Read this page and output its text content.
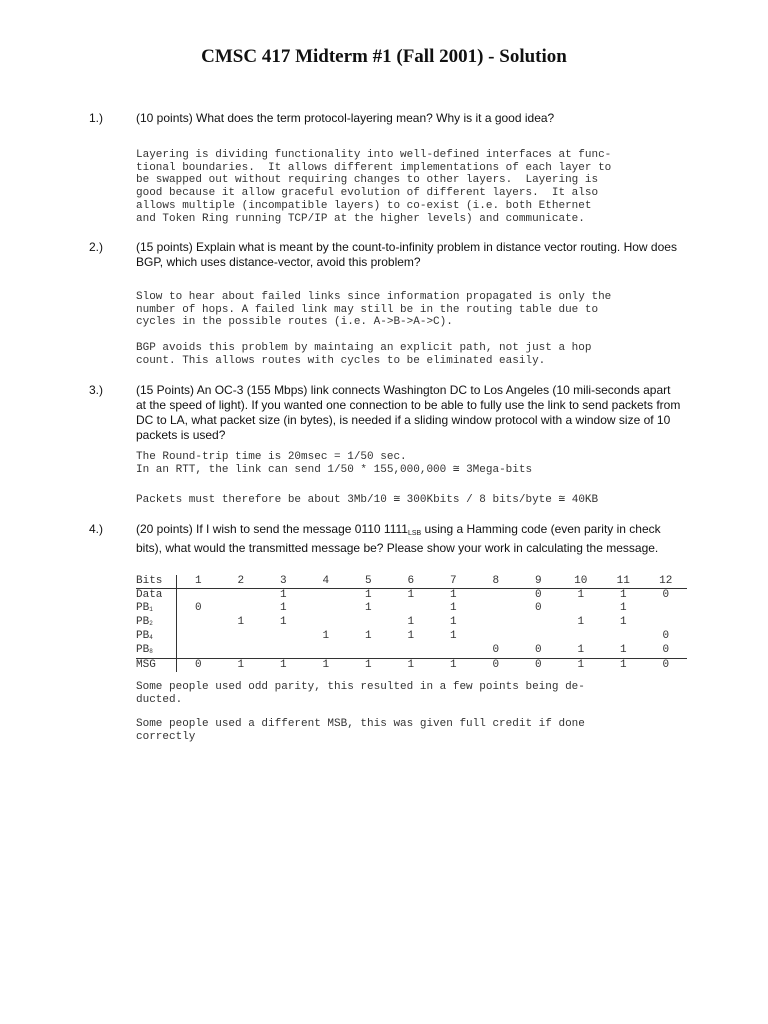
CMSC 417 Midterm #1 (Fall 2001) - Solution
1.)	(10 points) What does the term protocol-layering mean? Why is it a good idea?
Layering is dividing functionality into well-defined interfaces at func-
tional boundaries.  It allows different implementations of each layer to
be swapped out without requiring changes to other layers.  Layering is
good because it allow graceful evolution of different layers.  It also
allows multiple (incompatible layers) to co-exist (i.e. both Ethernet
and Token Ring running TCP/IP at the higher levels) and communicate.
2.)	(15 points) Explain what is meant by the count-to-infinity problem in distance vector routing. How does BGP, which uses distance-vector, avoid this problem?
Slow to hear about failed links since information propagated is only the
number of hops. A failed link may still be in the routing table due to
cycles in the possible routes (i.e. A->B->A->C).
BGP avoids this problem by maintaing an explicit path, not just a hop
count. This allows routes with cycles to be eliminated easily.
3.)	(15 Points) An OC-3 (155 Mbps) link connects Washington DC to Los Angeles (10 mili-seconds apart at the speed of light). If you wanted one connection to be able to fully use the link to send packets from DC to LA, what packet size (in bytes), is needed if a sliding window protocol with a window size of 10 packets is used?
The Round-trip time is 20msec = 1/50 sec.
In an RTT, the link can send 1/50 * 155,000,000 ≅ 3Mega-bits
Packets must therefore be about 3Mb/10 ≅ 300Kbits / 8 bits/byte ≅ 40KB
4.)	(20 points) If I wish to send the message 0110 $1111_{LSB}$ using a Hamming code (even parity in check bits), what would the transmitted message be? Please show your work in calculating the message.
Bits	1	2	3	4	5	6	7	8	9	10	11	12
Data			1		1	1	1		0	1	1	0
$PB_1$	0		1		1		1		0		1	
$PB_2$		1	1			1	1			1	1	
$PB_4$				1	1	1	1					0
$PB_8$								0	0	1	1	0
MSG	0	1	1	1	1	1	1	0	0	1	1	0
Some people used odd parity, this resulted in a few points being de-
ducted.
Some people used a different MSB, this was given full credit if done
correctly
